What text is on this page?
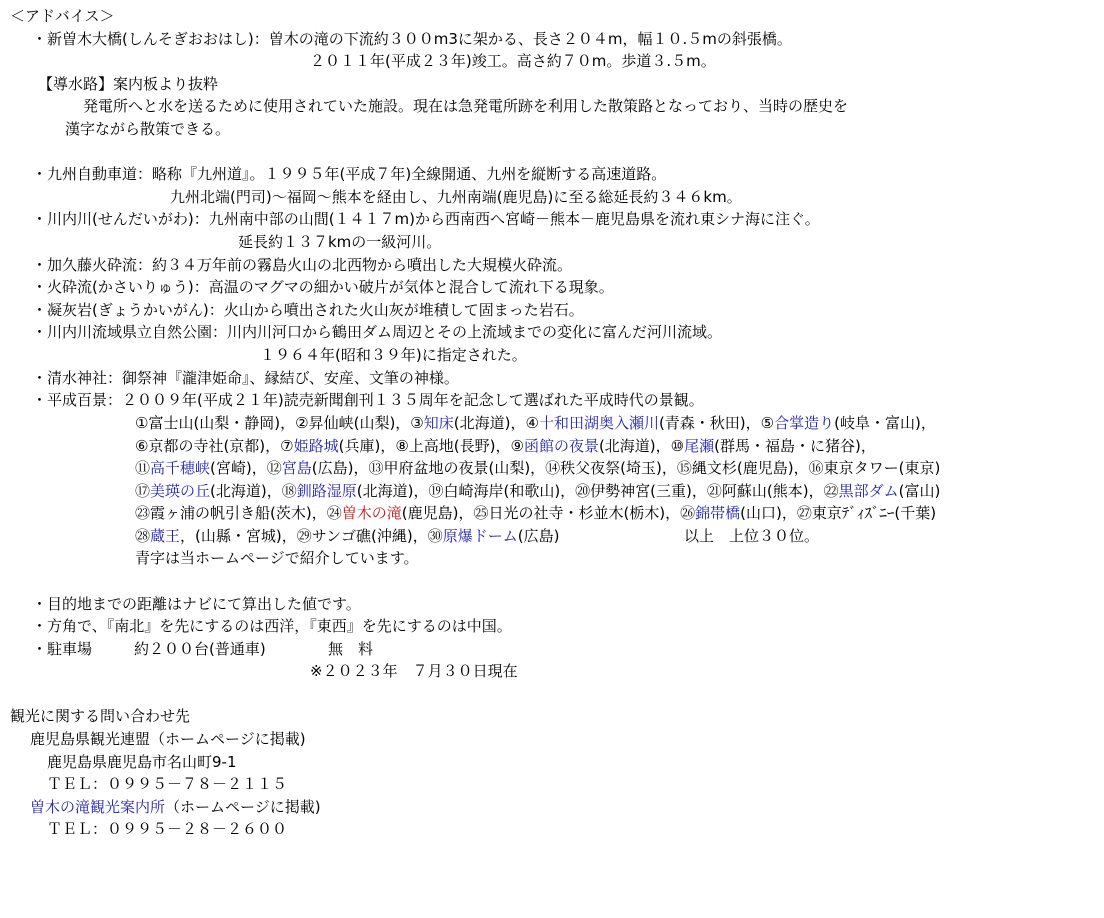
＜アドバイス＞
・新曽木大橋(しんそぎおおはし)：曽木の滝の下流約３００m3に架かる、長さ２０４m，幅１０.５mの斜張橋。
２０１１年(平成２３年)竣工。高さ約７０m。歩道３.５m。
【導水路】案内板より抜粋
発電所へと水を送るために使用されていた施設。現在は急発電所跡を利用した散策路となっており、当時の歴史を
漢字ながら散策できる。
・九州自動車道：略称『九州道』。１９９５年(平成７年)全線開通、九州を縦断する高速道路。
九州北端(門司)～福岡～熊本を経由し、九州南端(鹿児島)に至る総延長約３４６km。
・川内川(せんだいがわ)：九州南中部の山間(１４１７m)から西南西へ宮崎－熊本－鹿児島県を流れ東シナ海に注ぐ。
延長約１３７kmの一級河川。
・加久藤火砕流：約３４万年前の霧島火山の北西物から噴出した大規模火砕流。
・火砕流(かさいりゅう)：高温のマグマの細かい破片が気体と混合して流れ下る現象。
・凝灰岩(ぎょうかいがん)：火山から噴出された火山灰が堆積して固まった岩石。
・川内川流域県立自然公園：川内川河口から鶴田ダム周辺とその上流域までの変化に富んだ河川流域。
１９６４年(昭和３９年)に指定された。
・清水神社：御祭神『瀧津姫命』、縁結び、安産、文筆の神様。
・平成百景：２００９年(平成２１年)読売新聞創刊１３５周年を記念して選ばれた平成時代の景観。
①富士山(山梨・静岡)，②昇仙峡(山梨)，③知床(北海道)，④十和田湖奥入瀬川(青森・秋田)，⑤合掌造り(岐阜・富山)，
⑥京都の寺社(京都)，⑦姫路城(兵庫)，⑧上高地(長野)，⑨函館の夜景(北海道)，⑩尾瀬(群馬・福島・に猪谷)，
⑪高千穂峡(宮崎)，⑫宮島(広島)，⑬甲府盆地の夜景(山梨)，⑭秩父夜祭(埼玉)，⑮縄文杉(鹿児島)，⑯東京タワー(東京)
⑰美瑛の丘(北海道)，⑱釧路湿原(北海道)，⑲白崎海岸(和歌山)，⑳伊勢神宮(三重)，㉑阿蘇山(熊本)，㉒黒部ダム(富山)
㉓霞ヶ浦の帆引き船(茨木)，㉔曽木の滝(鹿児島)，㉕日光の社寺・杉並木(栃木)，㉖錦帯橋(山口)，㉗東京ﾃﾞｨｽﾞﾆｰ(千葉)
㉘蔵王，(山縣・宮城)，㉙サンゴ礁(沖縄)，㉚原爆ドーム(広島)	以上　上位３０位。
青字は当ホームページで紹介しています。
・目的地までの距離はナビにて算出した値です。
・方角で、『南北』を先にするのは西洋，『東西』を先にするのは中国。
・駐車場	約２００台(普通車)	無　料
※２０２３年　７月３０日現在
観光に関する問い合わせ先
鹿児島県観光連盟（ホームページに掲載)
鹿児島県鹿児島市名山町9-1
ＴＥＬ：０９９５－７８－２１１５
曽木の滝観光案内所（ホームページに掲載)
ＴＥＬ：０９９５－２８－２６００
